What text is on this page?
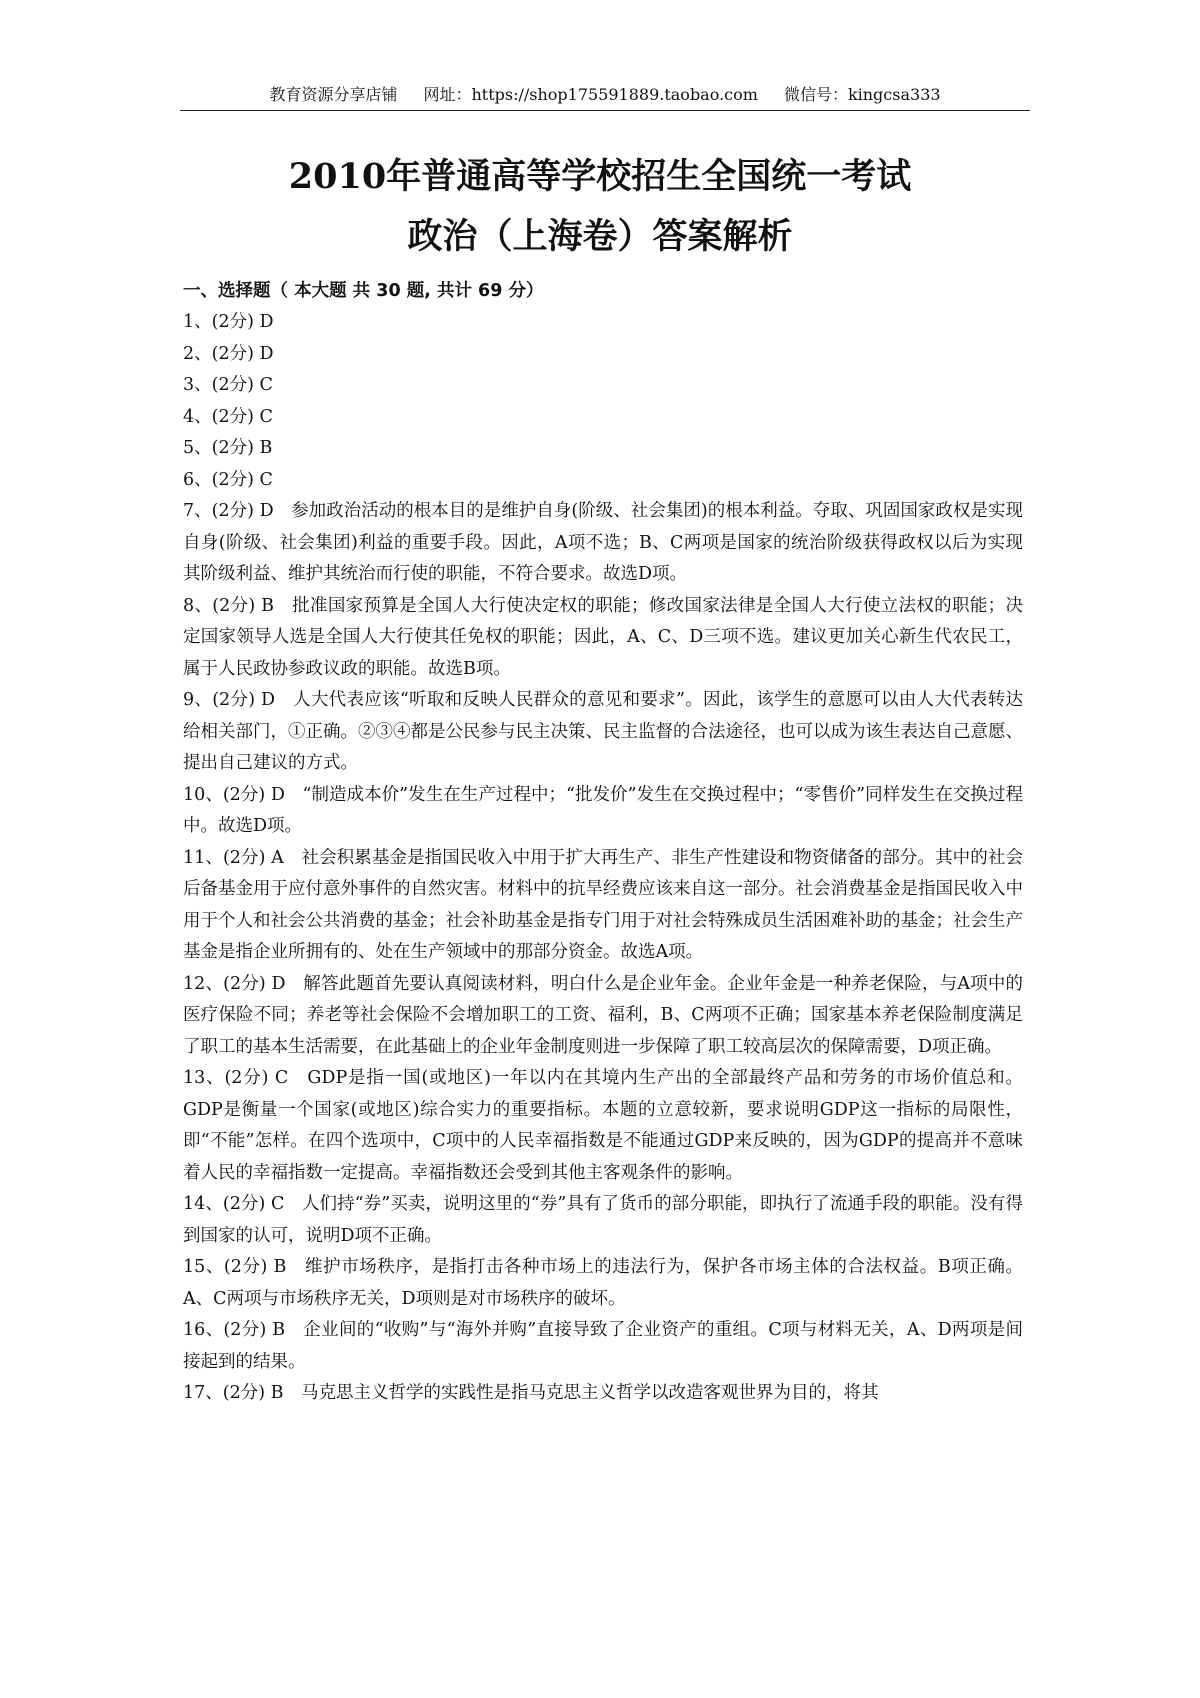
教育资源分享店铺 网址：https://shop175591889.taobao.com 微信号：kingcsa333
2010年普通高等学校招生全国统一考试
政治（上海卷）答案解析
一、选择题（ 本大题 共 30 题, 共计 69 分）

1、(2分) D

2、(2分) D

3、(2分) C

4、(2分) C

5、(2分) B

6、(2分) C

7、(2分) D　参加政治活动的根本目的是维护自身(阶级、社会集团)的根本利益。夺取、巩固国家政权是实现自身(阶级、社会集团)利益的重要手段。因此，A项不选；B、C两项是国家的统治阶级获得政权以后为实现其阶级利益、维护其统治而行使的职能，不符合要求。故选D项。

8、(2分) B　批准国家预算是全国人大行使决定权的职能；修改国家法律是全国人大行使立法权的职能；决定国家领导人选是全国人大行使其任免权的职能；因此，A、C、D三项不选。建议更加关心新生代农民工，属于人民政协参政议政的职能。故选B项。

9、(2分) D　人大代表应该“听取和反映人民群众的意见和要求”。因此，该学生的意愿可以由人大代表转达给相关部门，①正确。②③④都是公民参与民主决策、民主监督的合法途径，也可以成为该生表达自己意愿、提出自己建议的方式。

10、(2分) D　“制造成本价”发生在生产过程中；“批发价”发生在交换过程中；“零售价”同样发生在交换过程中。故选D项。

11、(2分) A　社会积累基金是指国民收入中用于扩大再生产、非生产性建设和物资储备的部分。其中的社会后备基金用于应付意外事件的自然灾害。材料中的抗旱经费应该来自这一部分。社会消费基金是指国民收入中用于个人和社会公共消费的基金；社会补助基金是指专门用于对社会特殊成员生活困难补助的基金；社会生产基金是指企业所拥有的、处在生产领域中的那部分资金。故选A项。

12、(2分) D　解答此题首先要认真阅读材料，明白什么是企业年金。企业年金是一种养老保险，与A项中的医疗保险不同；养老等社会保险不会增加职工的工资、福利，B、C两项不正确；国家基本养老保险制度满足了职工的基本生活需要，在此基础上的企业年金制度则进一步保障了职工较高层次的保障需要，D项正确。

13、(2分) C　GDP是指一国(或地区)一年以内在其境内生产出的全部最终产品和劳务的市场价值总和。GDP是衡量一个国家(或地区)综合实力的重要指标。本题的立意较新，要求说明GDP这一指标的局限性，即“不能”怎样。在四个选项中，C项中的人民幸福指数是不能通过GDP来反映的，因为GDP的提高并不意味着人民的幸福指数一定提高。幸福指数还会受到其他主客观条件的影响。

14、(2分) C　人们持“券”买卖，说明这里的“券”具有了货币的部分职能，即执行了流通手段的职能。没有得到国家的认可，说明D项不正确。

15、(2分) B　维护市场秩序，是指打击各种市场上的违法行为，保护各市场主体的合法权益。B项正确。A、C两项与市场秩序无关，D项则是对市场秩序的破坏。

16、(2分) B　企业间的“收购”与“海外并购”直接导致了企业资产的重组。C项与材料无关，A、D两项是间接起到的结果。

17、(2分) B　马克思主义哲学的实践性是指马克思主义哲学以改造客观世界为目的，将其
